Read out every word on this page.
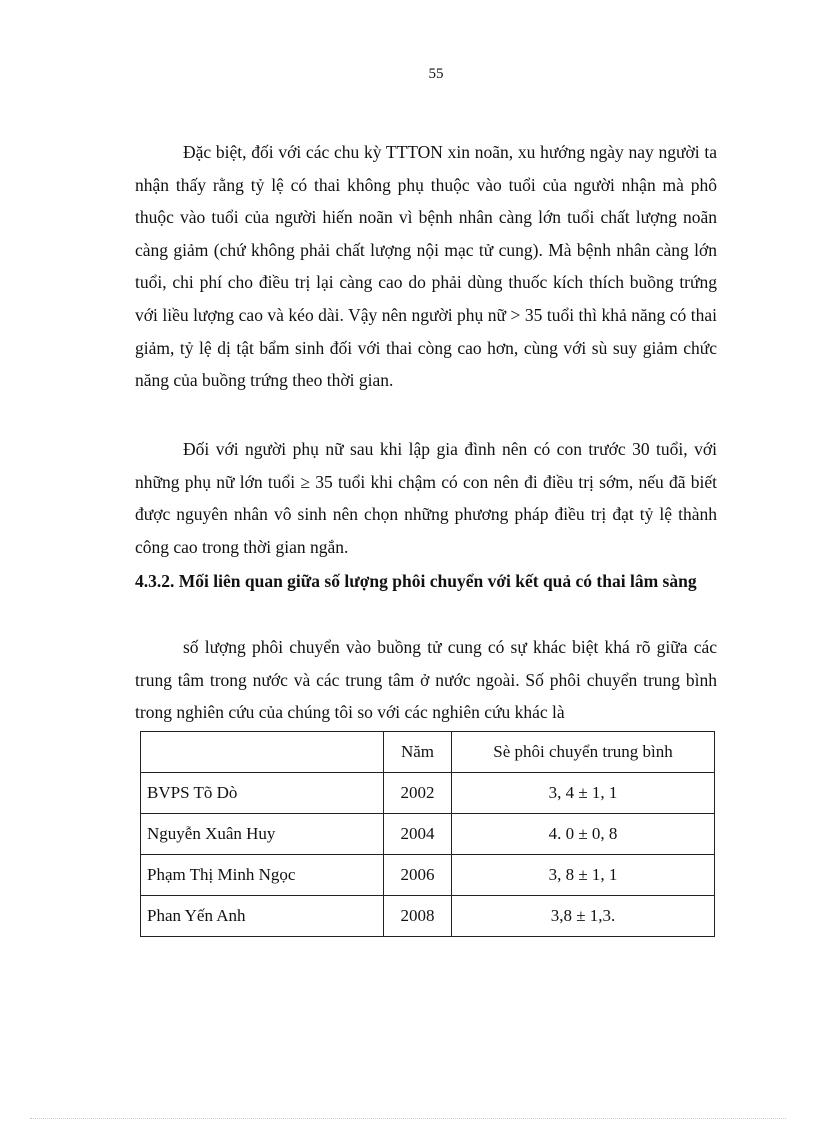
55

Đặc biệt, đối với các chu kỳ TTTON xin noãn, xu hướng ngày nay người ta nhận thấy rằng tỷ lệ có thai không phụ thuộc vào tuổi của người nhận mà phô thuộc vào tuổi của người hiến noãn vì bệnh nhân càng lớn tuổi chất lượng noãn càng giảm (chứ không phải chất lượng nội mạc tử cung). Mà bệnh nhân càng lớn tuổi, chi phí cho điều trị lại càng cao do phải dùng thuốc kích thích buồng trứng với liều lượng cao và kéo dài. Vậy nên người phụ nữ > 35 tuổi thì khả năng có thai giảm, tỷ lệ dị tật bẩm sinh đối với thai còng cao hơn, cùng với sù suy giảm chức năng của buồng trứng theo thời gian.

Đối với người phụ nữ sau khi lập gia đình nên có con trước 30 tuổi, với những phụ nữ lớn tuổi ≥ 35 tuổi khi chậm có con nên đi điều trị sớm, nếu đã biết được nguyên nhân vô sinh nên chọn những phương pháp điều trị đạt tỷ lệ thành công cao trong thời gian ngắn.

4.3.2. Mối liên quan giữa số lượng phôi chuyển với kết quả có thai lâm sàng

số lượng phôi chuyển vào buồng tử cung có sự khác biệt khá rõ giữa các trung tâm trong nước và các trung tâm ở nước ngoài. Số phôi chuyển trung bình trong nghiên cứu của chúng tôi so với các nghiên cứu khác là

	Năm	Sè phôi chuyển trung bình
BVPS Tõ Dò	2002	3, 4 ± 1, 1
Nguyễn Xuân Huy	2004	4. 0 ± 0, 8
Phạm Thị Minh Ngọc	2006	3, 8 ± 1, 1
Phan Yến Anh	2008	3,8 ± 1,3.
